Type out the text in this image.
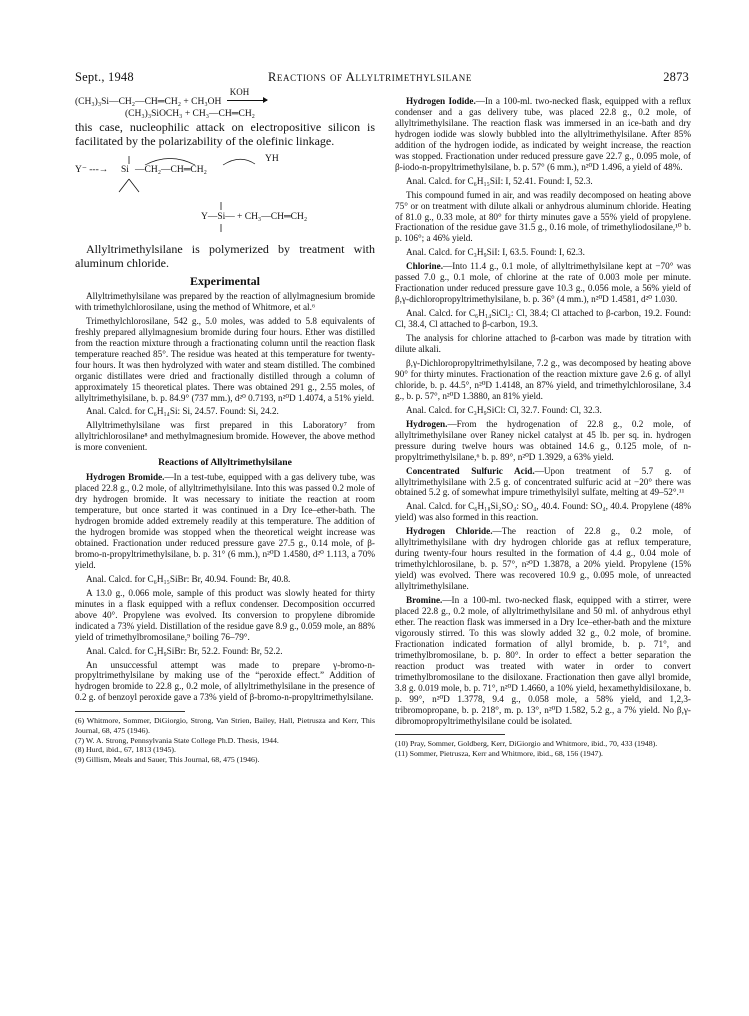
Sept., 1948	Reactions of Allyltrimethylsilane	2873
(CH₃)₃Si—CH₂—CH═CH₂ + CH₃OH
KOH
(CH₃)₃SiOCH₃ + CH₃—CH═CH₂

this case, nucleophilic attack on electropositive silicon is facilitated by the polarizability of the olefinic linkage.

Y⁻ ---→ Si —CH₂—CH═CH₂
YH
Y—Si— + CH₃—CH═CH₂

Allyltrimethylsilane is polymerized by treatment with aluminum chloride.

Experimental

Allyltrimethylsilane was prepared by the reaction of allylmagnesium bromide with trimethylchlorosilane, using the method of Whitmore, et al.⁶

Trimethylchlorosilane, 542 g., 5.0 moles, was added to 5.8 equivalents of freshly prepared allylmagnesium bromide during four hours. Ether was distilled from the reaction mixture through a fractionating column until the reaction flask temperature reached 85°. The residue was heated at this temperature for twenty-four hours. It was then hydrolyzed with water and steam distilled. The combined organic distillates were dried and fractionally distilled through a column of approximately 15 theoretical plates. There was obtained 291 g., 2.55 moles, of allyltrimethylsilane, b. p. 84.9° (737 mm.), d²⁰ 0.7193, n²⁰D 1.4074, a 51% yield.

Anal. Calcd. for C₆H₁₄Si: Si, 24.57. Found: Si, 24.2.

Allyltrimethylsilane was first prepared in this Laboratory⁷ from allyltrichlorosilane⁸ and methylmagnesium bromide. However, the above method is more convenient.

Reactions of Allyltrimethylsilane

Hydrogen Bromide.—In a test-tube, equipped with a gas delivery tube, was placed 22.8 g., 0.2 mole, of allyltrimethylsilane. Into this was passed 0.2 mole of dry hydrogen bromide. It was necessary to initiate the reaction at room temperature, but once started it was continued in a Dry Ice–ether-bath. The hydrogen bromide added extremely readily at this temperature. The addition of the hydrogen bromide was stopped when the theoretical weight increase was obtained. Fractionation under reduced pressure gave 27.5 g., 0.14 mole, of β-bromo-n-propyltrimethylsilane, b. p. 31° (6 mm.), n²⁰D 1.4580, d²⁰ 1.113, a 70% yield.

Anal. Calcd. for C₆H₁₅SiBr: Br, 40.94. Found: Br, 40.8.

A 13.0 g., 0.066 mole, sample of this product was slowly heated for thirty minutes in a flask equipped with a reflux condenser. Decomposition occurred above 40°. Propylene was evolved. Its conversion to propylene dibromide indicated a 73% yield. Distillation of the residue gave 8.9 g., 0.059 mole, an 88% yield of trimethylbromosilane,⁹ boiling 76–79°.

Anal. Calcd. for C₃H₉SiBr: Br, 52.2. Found: Br, 52.2.

An unsuccessful attempt was made to prepare γ-bromo-n-propyltrimethylsilane by making use of the “peroxide effect.” Addition of hydrogen bromide to 22.8 g., 0.2 mole, of allyltrimethylsilane in the presence of 0.2 g. of benzoyl peroxide gave a 73% yield of β-bromo-n-propyltrimethylsilane.

(6) Whitmore, Sommer, DiGiorgio, Strong, Van Strien, Bailey, Hall, Pietrusza and Kerr, This Journal, 68, 475 (1946).

(7) W. A. Strong, Pennsylvania State College Ph.D. Thesis, 1944.

(8) Hurd, ibid., 67, 1813 (1945).

(9) Gillism, Meals and Sauer, This Journal, 68, 475 (1946).

Hydrogen Iodide.—In a 100-ml. two-necked flask, equipped with a reflux condenser and a gas delivery tube, was placed 22.8 g., 0.2 mole, of allyltrimethylsilane. The reaction flask was immersed in an ice-bath and dry hydrogen iodide was slowly bubbled into the allyltrimethylsilane. After 85% addition of the hydrogen iodide, as indicated by weight increase, the reaction was stopped. Fractionation under reduced pressure gave 22.7 g., 0.095 mole, of β-iodo-n-propyltrimethylsilane, b. p. 57° (6 mm.), n²⁰D 1.496, a yield of 48%.

Anal. Calcd. for C₆H₁₅SiI: I, 52.41. Found: I, 52.3.

This compound fumed in air, and was readily decomposed on heating above 75° or on treatment with dilute alkali or anhydrous aluminum chloride. Heating of 81.0 g., 0.33 mole, at 80° for thirty minutes gave a 55% yield of propylene. Fractionation of the residue gave 31.5 g., 0.16 mole, of trimethyliodosilane,¹⁰ b. p. 106°; a 46% yield.

Anal. Calcd. for C₃H₉SiI: I, 63.5. Found: I, 62.3.

Chlorine.—Into 11.4 g., 0.1 mole, of allyltrimethylsilane kept at −70° was passed 7.0 g., 0.1 mole, of chlorine at the rate of 0.003 mole per minute. Fractionation under reduced pressure gave 10.3 g., 0.056 mole, a 56% yield of β,γ-dichloropropyltrimethylsilane, b. p. 36° (4 mm.), n²⁰D 1.4581, d²⁰ 1.030.

Anal. Calcd. for C₆H₁₄SiCl₂: Cl, 38.4; Cl attached to β-carbon, 19.2. Found: Cl, 38.4, Cl attached to β-carbon, 19.3.

The analysis for chlorine attached to β-carbon was made by titration with dilute alkali.

β,γ-Dichloropropyltrimethylsilane, 7.2 g., was decomposed by heating above 90° for thirty minutes. Fractionation of the reaction mixture gave 2.6 g. of allyl chloride, b. p. 44.5°, n²⁰D 1.4148, an 87% yield, and trimethylchlorosilane, 3.4 g., b. p. 57°, n²⁰D 1.3880, an 81% yield.

Anal. Calcd. for C₃H₉SiCl: Cl, 32.7. Found: Cl, 32.3.

Hydrogen.—From the hydrogenation of 22.8 g., 0.2 mole, of allyltrimethylsilane over Raney nickel catalyst at 45 lb. per sq. in. hydrogen pressure during twelve hours was obtained 14.6 g., 0.125 mole, of n-propyltrimethylsilane,⁶ b. p. 89°, n²⁰D 1.3929, a 63% yield.

Concentrated Sulfuric Acid.—Upon treatment of 5.7 g. of allyltrimethylsilane with 2.5 g. of concentrated sulfuric acid at −20° there was obtained 5.2 g. of somewhat impure trimethylsilyl sulfate, melting at 49–52°.¹¹

Anal. Calcd. for C₆H₁₈Si₂SO₄: SO₄, 40.4. Found: SO₄, 40.4. Propylene (48% yield) was also formed in this reaction.

Hydrogen Chloride.—The reaction of 22.8 g., 0.2 mole, of allyltrimethylsilane with dry hydrogen chloride gas at reflux temperature, during twenty-four hours resulted in the formation of 4.4 g., 0.04 mole of trimethylchlorosilane, b. p. 57°, n²⁰D 1.3878, a 20% yield. Propylene (15% yield) was evolved. There was recovered 10.9 g., 0.095 mole, of unreacted allyltrimethylsilane.

Bromine.—In a 100-ml. two-necked flask, equipped with a stirrer, were placed 22.8 g., 0.2 mole, of allyltrimethylsilane and 50 ml. of anhydrous ethyl ether. The reaction flask was immersed in a Dry Ice–ether-bath and the mixture vigorously stirred. To this was slowly added 32 g., 0.2 mole, of bromine. Fractionation indicated formation of allyl bromide, b. p. 71°, and trimethylbromosilane, b. p. 80°. In order to effect a better separation the reaction product was treated with water in order to convert trimethylbromosilane to the disiloxane. Fractionation then gave allyl bromide, 3.8 g. 0.019 mole, b. p. 71°, n²⁰D 1.4660, a 10% yield, hexamethyldisiloxane, b. p. 99°, n²⁰D 1.3778, 9.4 g., 0.058 mole, a 58% yield, and 1,2,3-tribromopropane, b. p. 218°, m. p. 13°, n²⁰D 1.582, 5.2 g., a 7% yield. No β,γ-dibromopropyltrimethylsilane could be isolated.

(10) Pray, Sommer, Goldberg, Kerr, DiGiorgio and Whitmore, ibid., 70, 433 (1948).

(11) Sommer, Pietrusza, Kerr and Whitmore, ibid., 68, 156 (1947).
